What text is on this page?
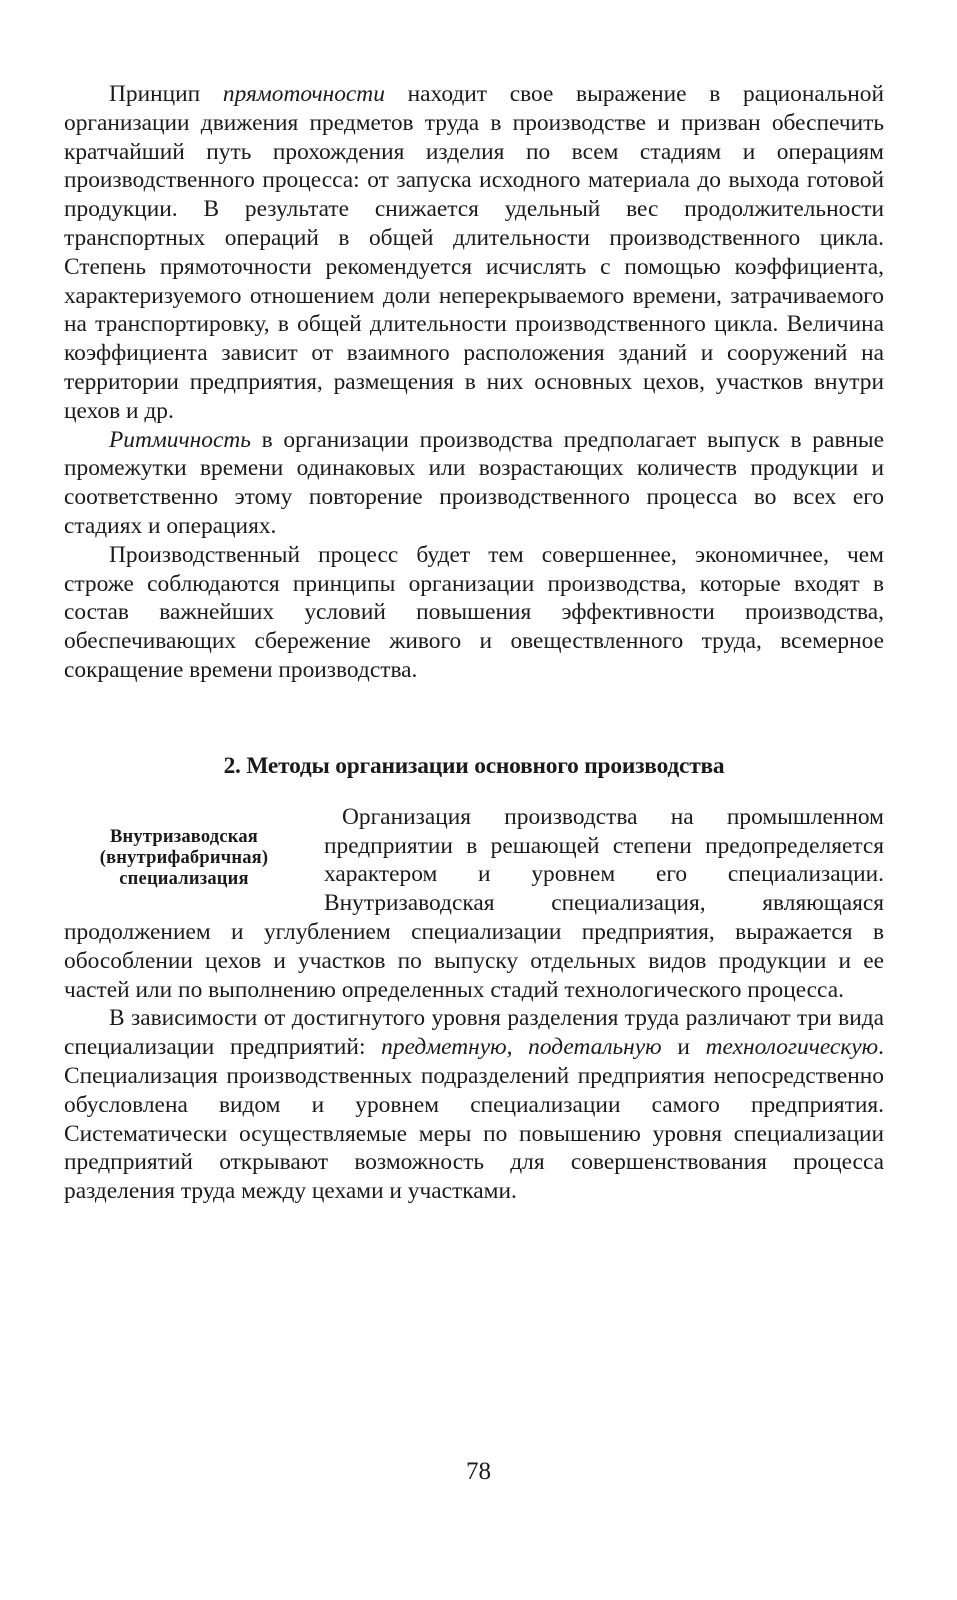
Принцип прямоточности находит свое выражение в рациональной организации движения предметов труда в производстве и призван обеспечить кратчайший путь прохождения изделия по всем стадиям и операциям производственного процесса: от запуска исходного материала до выхода готовой продукции. В результате снижается удельный вес продолжительности транспортных операций в общей длительности производственного цикла. Степень прямоточности рекомендуется исчислять с помощью коэффициента, характеризуемого отношением доли неперекрываемого времени, затрачиваемого на транспортировку, в общей длительности производственного цикла. Величина коэффициента зависит от взаимного расположения зданий и сооружений на территории предприятия, размещения в них основных цехов, участков внутри цехов и др.

Ритмичность в организации производства предполагает выпуск в равные промежутки времени одинаковых или возрастающих количеств продукции и соответственно этому повторение производственного процесса во всех его стадиях и операциях.

Производственный процесс будет тем совершеннее, экономичнее, чем строже соблюдаются принципы организации производства, которые входят в состав важнейших условий повышения эффективности производства, обеспечивающих сбережение живого и овеществленного труда, всемерное сокращение времени производства.

2. Методы организации основного производства
Внутризаводская (внутрифабричная) специализация

Организация производства на промышленном предприятии в решающей степени предопределяется характером и уровнем его специализации. Внутризаводская специализация, являющаяся продолжением и углублением специализации предприятия, выражается в обособлении цехов и участков по выпуску отдельных видов продукции и ее частей или по выполнению определенных стадий технологического процесса.

В зависимости от достигнутого уровня разделения труда различают три вида специализации предприятий: предметную, подетальную и технологическую. Специализация производственных подразделений предприятия непосредственно обусловлена видом и уровнем специализации самого предприятия. Систематически осуществляемые меры по повышению уровня специализации предприятий открывают возможность для совершенствования процесса разделения труда между цехами и участками.

78
